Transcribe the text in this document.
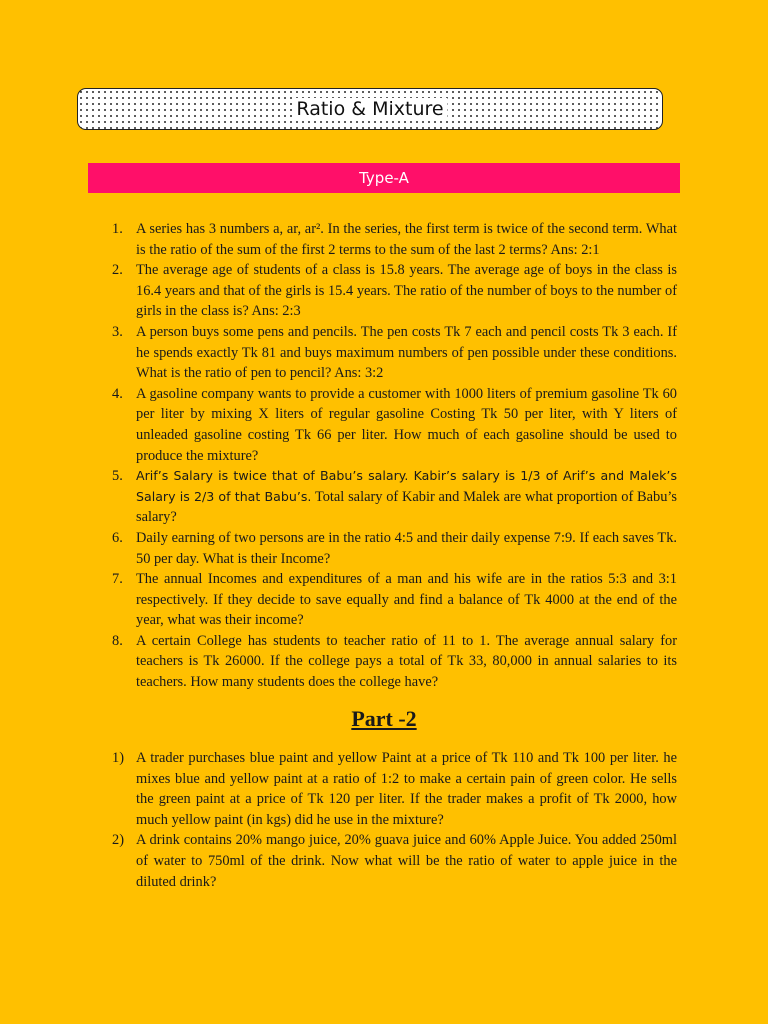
Ratio & Mixture
Type-A
1. A series has 3 numbers a, ar, ar². In the series, the first term is twice of the second term. What is the ratio of the sum of the first 2 terms to the sum of the last 2 terms? Ans: 2:1
2. The average age of students of a class is 15.8 years. The average age of boys in the class is 16.4 years and that of the girls is 15.4 years. The ratio of the number of boys to the number of girls in the class is? Ans: 2:3
3. A person buys some pens and pencils. The pen costs Tk 7 each and pencil costs Tk 3 each. If he spends exactly Tk 81 and buys maximum numbers of pen possible under these conditions. What is the ratio of pen to pencil? Ans: 3:2
4. A gasoline company wants to provide a customer with 1000 liters of premium gasoline Tk 60 per liter by mixing X liters of regular gasoline Costing Tk 50 per liter, with Y liters of unleaded gasoline costing Tk 66 per liter. How much of each gasoline should be used to produce the mixture?
5. Arif’s Salary is twice that of Babu’s salary. Kabir’s salary is 1/3 of Arif’s and Malek’s Salary is 2/3 of that Babu’s. Total salary of Kabir and Malek are what proportion of Babu’s salary?
6. Daily earning of two persons are in the ratio 4:5 and their daily expense 7:9. If each saves Tk. 50 per day. What is their Income?
7. The annual Incomes and expenditures of a man and his wife are in the ratios 5:3 and 3:1 respectively. If they decide to save equally and find a balance of Tk 4000 at the end of the year, what was their income?
8. A certain College has students to teacher ratio of 11 to 1. The average annual salary for teachers is Tk 26000. If the college pays a total of Tk 33, 80,000 in annual salaries to its teachers. How many students does the college have?
Part -2
1) A trader purchases blue paint and yellow Paint at a price of Tk 110 and Tk 100 per liter. he mixes blue and yellow paint at a ratio of 1:2 to make a certain pain of green color. He sells the green paint at a price of Tk 120 per liter. If the trader makes a profit of Tk 2000, how much yellow paint (in kgs) did he use in the mixture?
2) A drink contains 20% mango juice, 20% guava juice and 60% Apple Juice. You added 250ml of water to 750ml of the drink. Now what will be the ratio of water to apple juice in the diluted drink?
